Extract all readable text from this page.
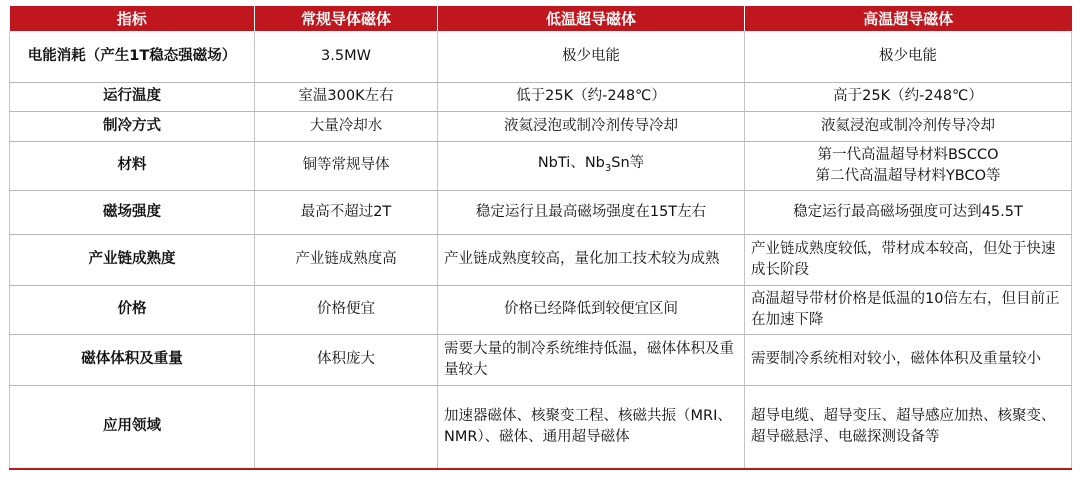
指标	常规导体磁体	低温超导磁体	高温超导磁体
电能消耗（产生1T稳态强磁场）	3.5MW	极少电能	极少电能
运行温度	室温300K左右	低于25K（约-248℃）	高于25K（约-248℃）
制冷方式	大量冷却水	液氦浸泡或制冷剂传导冷却	液氦浸泡或制冷剂传导冷却
材料	铜等常规导体	NbTi、$Nb_3Sn$等	第一代高温超导材料BSCCO
第二代高温超导材料YBCO等

磁场强度	最高不超过2T	稳定运行且最高磁场强度在15T左右	稳定运行最高磁场强度可达到45.5T
产业链成熟度	产业链成熟度高	产业链成熟度较高，量化加工技术较为成熟	产业链成熟度较低，带材成本较高，但处于快速成长阶段
价格	价格便宜	价格已经降低到较便宜区间	高温超导带材价格是低温的10倍左右，但目前正在加速下降
磁体体积及重量	体积庞大	需要大量的制冷系统维持低温，磁体体积及重量较大	需要制冷系统相对较小，磁体体积及重量较小
应用领域		加速器磁体、核聚变工程、核磁共振（MRI、NMR）、磁体、通用超导磁体	超导电缆、超导变压、超导感应加热、核聚变、超导磁悬浮、电磁探测设备等
